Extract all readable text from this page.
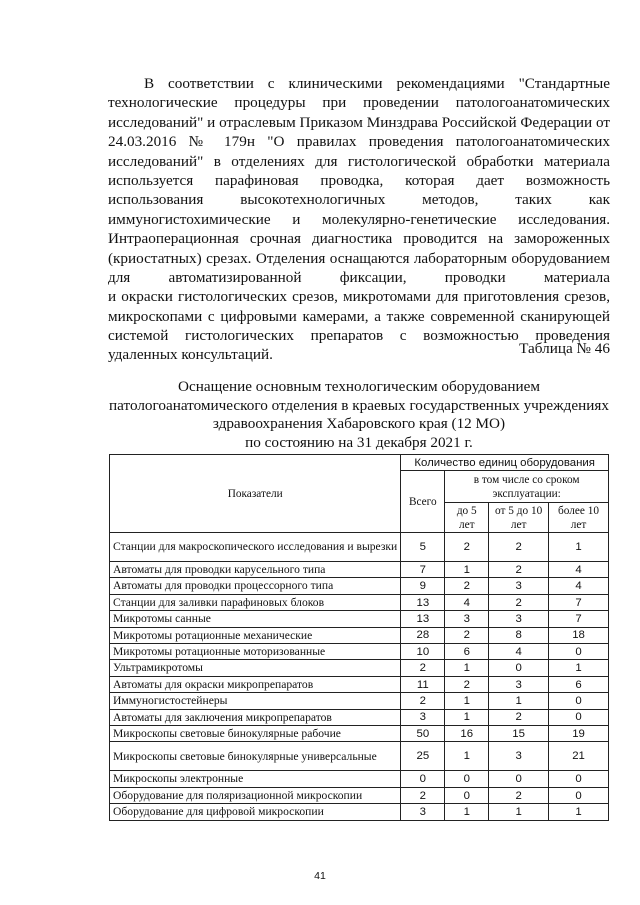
В соответствии с клиническими рекомендациями "Стандартные
технологические процедуры при проведении патологоанатомических
исследований" и отраслевым Приказом Минздрава Российской Федерации от
24.03.2016 № 179н "О правилах проведения патологоанатомических
исследований" в отделениях для гистологической обработки материала
используется парафиновая проводка, которая дает возможность
использования высокотехнологичных методов, таких как
иммуногистохимические и молекулярно-генетические исследования.
Интраоперационная срочная диагностика проводится на замороженных
(криостатных) срезах. Отделения оснащаются лабораторным оборудованием
для автоматизированной фиксации, проводки материала
и окраски гистологических срезов, микротомами для приготовления срезов,
микроскопами с цифровыми камерами, а также современной сканирующей
системой гистологических препаратов с возможностью проведения
удаленных консультаций.	Таблица № 46
Оснащение основным технологическим оборудованием
патологоанатомического отделения в краевых государственных учреждениях
здравоохранения Хабаровского края (12 МО)
по состоянию на 31 декабря 2021 г.
Показатели	Количество единиц оборудования			
	Всего	в том числе со сроком эксплуатации:		
		до 5 лет	от 5 до 10 лет	более 10 лет
Станции для макроскопического исследования и вырезки	5	2	2	1
Автоматы для проводки карусельного типа	7	1	2	4
Автоматы для проводки процессорного типа	9	2	3	4
Станции для заливки парафиновых блоков	13	4	2	7
Микротомы санные	13	3	3	7
Микротомы ротационные механические	28	2	8	18
Микротомы ротационные моторизованные	10	6	4	0
Ультрамикротомы	2	1	0	1
Автоматы для окраски микропрепаратов	11	2	3	6
Иммуногистостейнеры	2	1	1	0
Автоматы для заключения микропрепаратов	3	1	2	0
Микроскопы световые бинокулярные рабочие	50	16	15	19
Микроскопы световые бинокулярные универсальные	25	1	3	21
Микроскопы электронные	0	0	0	0
Оборудование для поляризационной микроскопии	2	0	2	0
Оборудование для цифровой микроскопии	3	1	1	1
41
